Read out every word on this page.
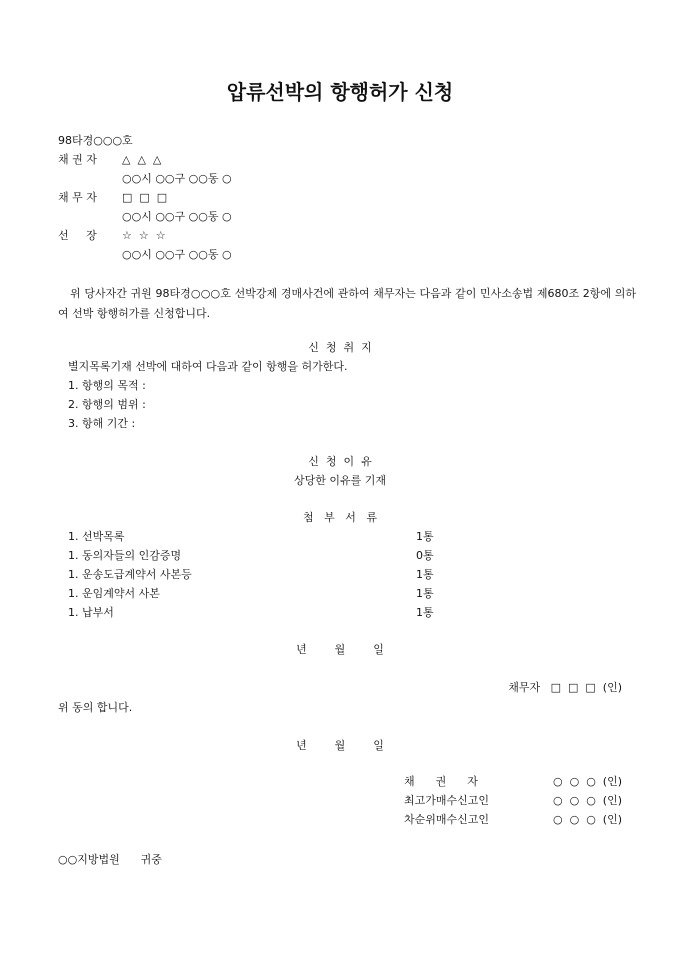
압류선박의 항행허가 신청
98타경○○○호
채 권 자 △  △  △
○○시 ○○구 ○○동 ○
채 무 자 □  □  □
○○시 ○○구 ○○동 ○
선     장 ☆  ☆  ☆
○○시 ○○구 ○○동 ○
위 당사자간 귀원 98타경○○○호 선박강제 경매사건에 관하여 채무자는 다음과 같이 민사소송법 제680조 2항에 의하여 선박 항행허가를 신청합니다.
신  청  취  지
별지목록기재 선박에 대하여 다음과 같이 항행을 허가한다.
1. 항행의 목적 :
2. 항행의 범위 :
3. 항해 기간 :
신  청  이  유
상당한 이유를 기재
첨   부   서   류
1. 선박목록	1통
1. 동의자들의 인감증명	0통
1. 운송도급계약서 사본등	1통
1. 운임계약서 사본	1통
1. 납부서	1통
년        월        일
채무자   □  □  □  (인)
위 동의 합니다.
년        월        일
채      권      자	○  ○  ○  (인)
최고가매수신고인	○  ○  ○  (인)
차순위매수신고인	○  ○  ○  (인)
○○지방법원      귀중
